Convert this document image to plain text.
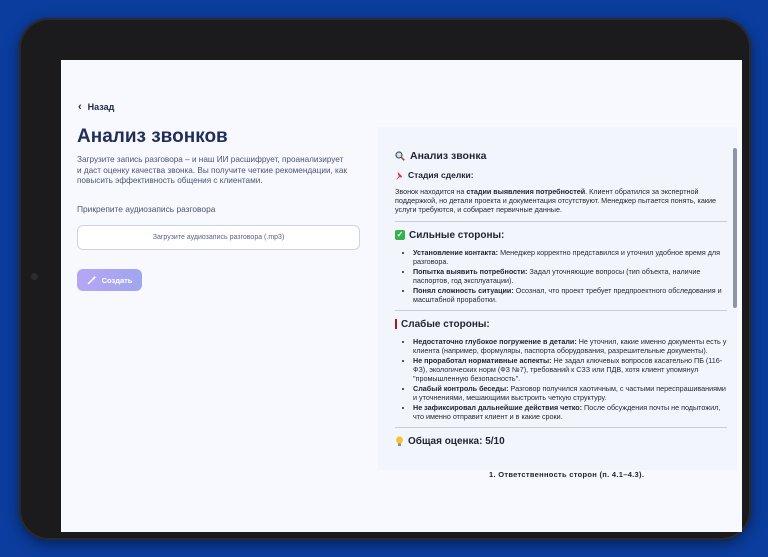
‹ Назад
Анализ звонков
Загрузите запись разговора – и наш ИИ расшифрует, проанализирует и даст оценку качества звонка. Вы получите четкие рекомендации, как повысить эффективность общения с клиентами.
Прикрепите аудиозапись разговора
Загрузите аудиозапись разговора (.mp3)
Создать
Анализ звонка
Стадия сделки:
Звонок находится на стадии выявления потребностей. Клиент обратился за экспертной поддержкой, но детали проекта и документация отсутствуют. Менеджер пытается понять, какие услуги требуются, и собирает первичные данные.
✓ Сильные стороны:
• Установление контакта: Менеджер корректно представился и уточнил удобное время для разговора.
• Попытка выявить потребности: Задал уточняющие вопросы (тип объекта, наличие паспортов, год эксплуатации).
• Понял сложность ситуации: Осознал, что проект требует предпроектного обследования и масштабной проработки.
Слабые стороны:
• Недостаточно глубокое погружение в детали: Не уточнил, какие именно документы есть у клиента (например, формуляры, паспорта оборудования, разрешительные документы).
• Не проработал нормативные аспекты: Не задал ключевых вопросов касательно ПБ (116-ФЗ), экологических норм (ФЗ №7), требований к СЗЗ или ПДВ, хотя клиент упомянул "промышленную безопасность".
• Слабый контроль беседы: Разговор получился хаотичным, с частыми переспрашиваниями и уточнениями, мешающими выстроить четкую структуру.
• Не зафиксировал дальнейшие действия четко: После обсуждения почты не подытожил, что именно отправит клиент и в какие сроки.
Общая оценка: 5/10
1. Ответственность сторон (п. 4.1–4.3).
